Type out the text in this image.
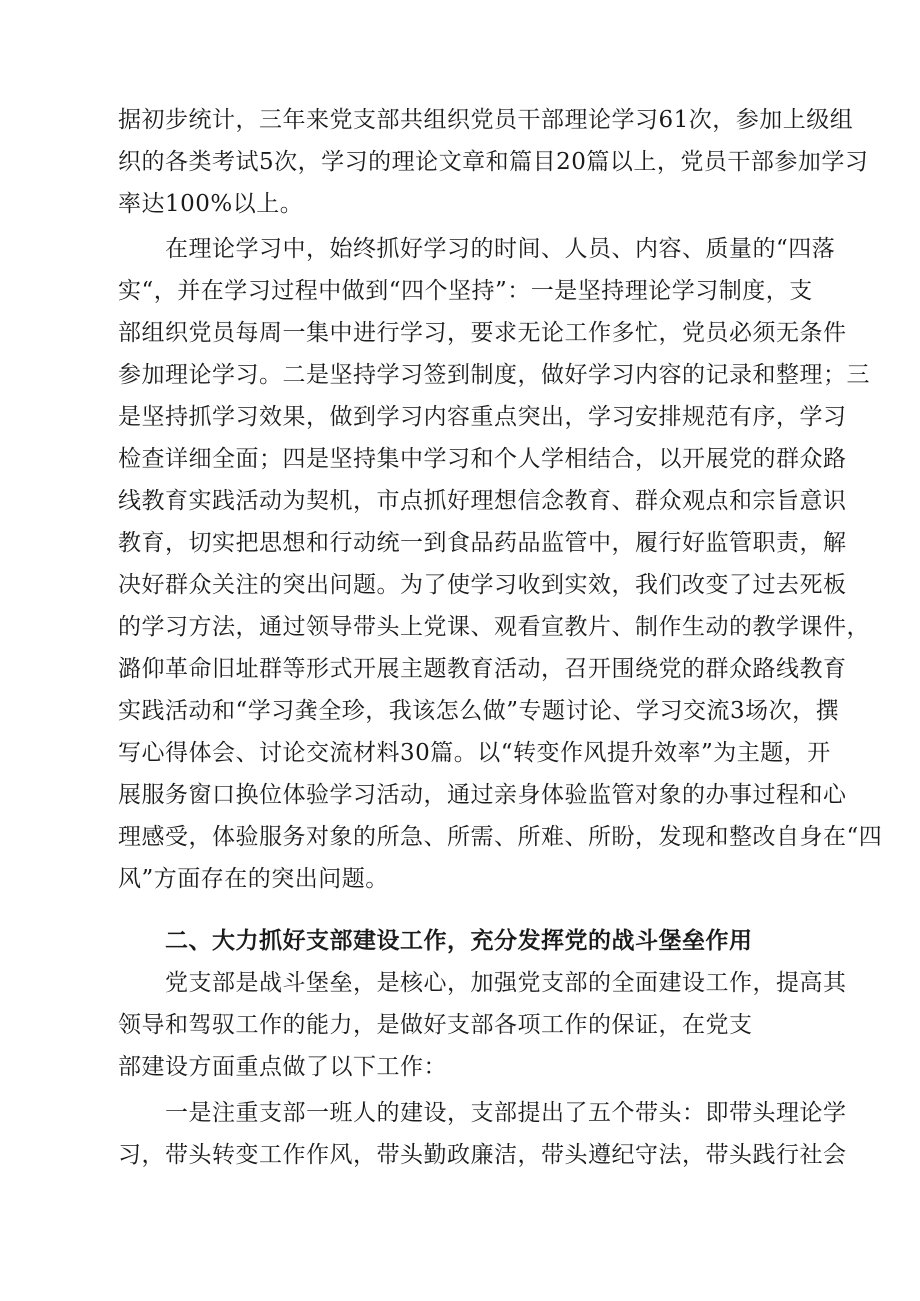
据初步统计，三年来党支部共组织党员干部理论学习61次，参加上级组
织的各类考试5次，学习的理论文章和篇目20篇以上，党员干部参加学习
率达100%以上。
在理论学习中，始终抓好学习的时间、人员、内容、质量的“四落
实“，并在学习过程中做到“四个坚持”：一是坚持理论学习制度，支
部组织党员每周一集中进行学习，要求无论工作多忙，党员必须无条件
参加理论学习。二是坚持学习签到制度，做好学习内容的记录和整理；三
是坚持抓学习效果，做到学习内容重点突出，学习安排规范有序，学习
检查详细全面；四是坚持集中学习和个人学相结合，以开展党的群众路
线教育实践活动为契机，市点抓好理想信念教育、群众观点和宗旨意识
教育，切实把思想和行动统一到食品药品监管中，履行好监管职责，解
决好群众关注的突出问题。为了使学习收到实效，我们改变了过去死板
的学习方法，通过领导带头上党课、观看宣教片、制作生动的教学课件，
潞仰革命旧址群等形式开展主题教育活动，召开围绕党的群众路线教育
实践活动和“学习龚全珍，我该怎么做”专题讨论、学习交流3场次，撰
写心得体会、讨论交流材料30篇。以“转变作风提升效率”为主题，开
展服务窗口换位体验学习活动，通过亲身体验监管对象的办事过程和心
理感受，体验服务对象的所急、所需、所难、所盼，发现和整改自身在“四
风”方面存在的突出问题。
二、大力抓好支部建设工作，充分发挥党的战斗堡垒作用
党支部是战斗堡垒，是核心，加强党支部的全面建设工作，提高其
领导和驾驭工作的能力，是做好支部各项工作的保证，在党支
部建设方面重点做了以下工作：
一是注重支部一班人的建设，支部提出了五个带头：即带头理论学
习，带头转变工作作风，带头勤政廉洁，带头遵纪守法，带头践行社会
